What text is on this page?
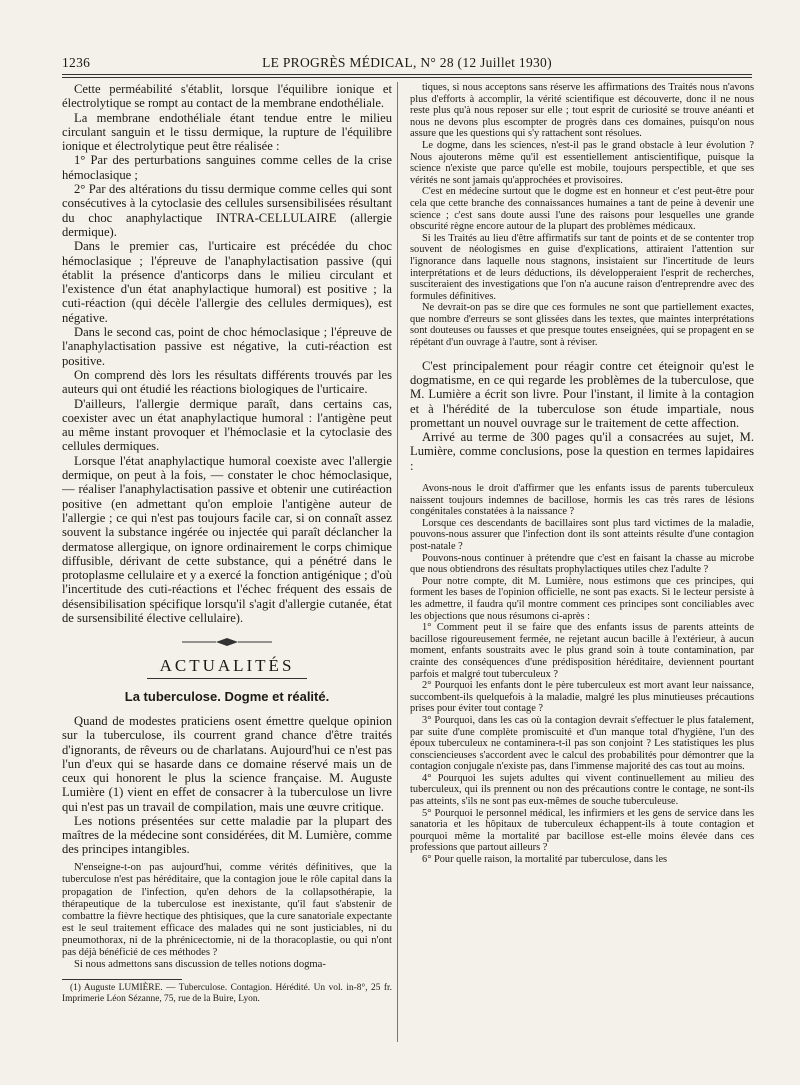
1236	LE PROGRÈS MÉDICAL, N° 28 (12 Juillet 1930)

Cette perméabilité s'établit, lorsque l'équilibre ionique et électrolytique se rompt au contact de la membrane endothéliale.

La membrane endothéliale étant tendue entre le milieu circulant sanguin et le tissu dermique, la rupture de l'équilibre ionique et électrolytique peut être réalisée :

1° Par des perturbations sanguines comme celles de la crise hémoclasique ;

2° Par des altérations du tissu dermique comme celles qui sont consécutives à la cytoclasie des cellules sursensibilisées résultant du choc anaphylactique INTRA-CELLULAIRE (allergie dermique).

Dans le premier cas, l'urticaire est précédée du choc hémoclasique ; l'épreuve de l'anaphylactisation passive (qui établit la présence d'anticorps dans le milieu circulant et l'existence d'un état anaphylactique humoral) est positive ; la cuti-réaction (qui décèle l'allergie des cellules dermiques), est négative.

Dans le second cas, point de choc hémoclasique ; l'épreuve de l'anaphylactisation passive est négative, la cuti-réaction est positive.

On comprend dès lors les résultats différents trouvés par les auteurs qui ont étudié les réactions biologiques de l'urticaire.

D'ailleurs, l'allergie dermique paraît, dans certains cas, coexister avec un état anaphylactique humoral : l'antigène peut au même instant provoquer et l'hémoclasie et la cytoclasie des cellules dermiques.

Lorsque l'état anaphylactique humoral coexiste avec l'allergie dermique, on peut à la fois, — constater le choc hémoclasique, — réaliser l'anaphylactisation passive et obtenir une cutiréaction positive (en admettant qu'on emploie l'antigène auteur de l'allergie ; ce qui n'est pas toujours facile car, si on connaît assez souvent la substance ingérée ou injectée qui paraît déclancher la dermatose allergique, on ignore ordinairement le corps chimique diffusible, dérivant de cette substance, qui a pénétré dans le protoplasme cellulaire et y a exercé la fonction antigénique ; d'où l'incertitude des cuti-réactions et l'échec fréquent des essais de désensibilisation spécifique lorsqu'il s'agit d'allergie cutanée, état de sursensibilité élective cellulaire).

ACTUALITÉS
La tuberculose. Dogme et réalité.

Quand de modestes praticiens osent émettre quelque opinion sur la tuberculose, ils courrent grand chance d'être traités d'ignorants, de rêveurs ou de charlatans. Aujourd'hui ce n'est pas l'un d'eux qui se hasarde dans ce domaine réservé mais un de ceux qui honorent le plus la science française. M. Auguste Lumière (1) vient en effet de consacrer à la tuberculose un livre qui n'est pas un travail de compilation, mais une œuvre critique.

Les notions présentées sur cette maladie par la plupart des maîtres de la médecine sont considérées, dit M. Lumière, comme des principes intangibles.

N'enseigne-t-on pas aujourd'hui, comme vérités définitives, que la tuberculose n'est pas héréditaire, que la contagion joue le rôle capital dans la propagation de l'infection, qu'en dehors de la collapsothérapie, la thérapeutique de la tuberculose est inexistante, qu'il faut s'abstenir de combattre la fièvre hectique des phtisiques, que la cure sanatoriale expectante est le seul traitement efficace des malades qui ne sont justiciables, ni du pneumothorax, ni de la phrénicectomie, ni de la thoracoplastie, ou qui n'ont pas déjà bénéficié de ces méthodes ?

Si nous admettons sans discussion de telles notions dogma-

(1) Auguste LUMIÈRE. — Tuberculose. Contagion. Hérédité. Un vol. in-8°, 25 fr. Imprimerie Léon Sézanne, 75, rue de la Buire, Lyon.

tiques, si nous acceptons sans réserve les affirmations des Traités nous n'avons plus d'efforts à accomplir, la vérité scientifique est découverte, donc il ne nous reste plus qu'à nous reposer sur elle ; tout esprit de curiosité se trouve anéanti et nous ne devons plus escompter de progrès dans ces domaines, puisqu'on nous assure que les questions qui s'y rattachent sont résolues.

Le dogme, dans les sciences, n'est-il pas le grand obstacle à leur évolution ? Nous ajouterons même qu'il est essentiellement antiscientifique, puisque la science n'existe que parce qu'elle est mobile, toujours perspectible, et que ses vérités ne sont jamais qu'approchées et provisoires.

C'est en médecine surtout que le dogme est en honneur et c'est peut-être pour cela que cette branche des connaissances humaines a tant de peine à devenir une science ; c'est sans doute aussi l'une des raisons pour lesquelles une grande obscurité règne encore autour de la plupart des problèmes médicaux.

Si les Traités au lieu d'être affirmatifs sur tant de points et de se contenter trop souvent de néologismes en guise d'explications, attiraient l'attention sur l'ignorance dans laquelle nous stagnons, insistaient sur l'incertitude de leurs interprétations et de leurs déductions, ils développeraient l'esprit de recherches, susciteraient des investigations que l'on n'a aucune raison d'entreprendre avec des formules définitives.

Ne devrait-on pas se dire que ces formules ne sont que partiellement exactes, que nombre d'erreurs se sont glissées dans les textes, que maintes interprétations sont douteuses ou fausses et que presque toutes enseignées, qui se propagent en se répétant d'un ouvrage à l'autre, sont à réviser.

C'est principalement pour réagir contre cet éteignoir qu'est le dogmatisme, en ce qui regarde les problèmes de la tuberculose, que M. Lumière a écrit son livre. Pour l'instant, il limite à la contagion et à l'hérédité de la tuberculose son étude impartiale, nous promettant un nouvel ouvrage sur le traitement de cette affection.

Arrivé au terme de 300 pages qu'il a consacrées au sujet, M. Lumière, comme conclusions, pose la question en termes lapidaires :

Avons-nous le droit d'affirmer que les enfants issus de parents tuberculeux naissent toujours indemnes de bacillose, hormis les cas très rares de lésions congénitales constatées à la naissance ?

Lorsque ces descendants de bacillaires sont plus tard victimes de la maladie, pouvons-nous assurer que l'infection dont ils sont atteints résulte d'une contagion post-natale ?

Pouvons-nous continuer à prétendre que c'est en faisant la chasse au microbe que nous obtiendrons des résultats prophylactiques utiles chez l'adulte ?

Pour notre compte, dit M. Lumière, nous estimons que ces principes, qui forment les bases de l'opinion officielle, ne sont pas exacts. Si le lecteur persiste à les admettre, il faudra qu'il montre comment ces principes sont conciliables avec les objections que nous résumons ci-après :

1° Comment peut il se faire que des enfants issus de parents atteints de bacillose rigoureusement fermée, ne rejetant aucun bacille à l'extérieur, à aucun moment, enfants soustraits avec le plus grand soin à toute contamination, par crainte des conséquences d'une prédisposition héréditaire, deviennent pourtant parfois et malgré tout tuberculeux ?

2° Pourquoi les enfants dont le père tuberculeux est mort avant leur naissance, succombent-ils quelquefois à la maladie, malgré les plus minutieuses précautions prises pour éviter tout contage ?

3° Pourquoi, dans les cas où la contagion devrait s'effectuer le plus fatalement, par suite d'une complète promiscuité et d'un manque total d'hygiène, l'un des époux tuberculeux ne contaminera-t-il pas son conjoint ? Les statistiques les plus consciencieuses s'accordent avec le calcul des probabilités pour démontrer que la contagion conjugale n'existe pas, dans l'immense majorité des cas tout au moins.

4° Pourquoi les sujets adultes qui vivent continuellement au milieu des tuberculeux, qui ils prennent ou non des précautions contre le contage, ne sont-ils pas atteints, s'ils ne sont pas eux-mêmes de souche tuberculeuse.

5° Pourquoi le personnel médical, les infirmiers et les gens de service dans les sanatoria et les hôpitaux de tuberculeux échappent-ils à toute contagion et pourquoi même la mortalité par bacillose est-elle moins élevée dans ces professions que partout ailleurs ?

6° Pour quelle raison, la mortalité par tuberculose, dans les
